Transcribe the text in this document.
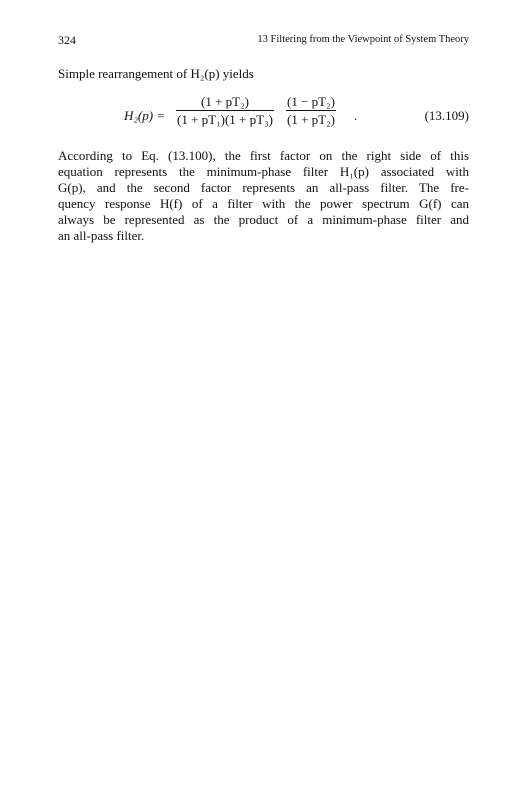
324	13 Filtering from the Viewpoint of System Theory
Simple rearrangement of H₂(p) yields
H₂(p) =
(1 + pT₂)
(1 + pT₁)(1 + pT₃)
(1 − pT₂)
(1 + pT₂) .	(13.109)
According to Eq. (13.100), the first factor on the right side of this
equation represents the minimum-phase filter H₁(p) associated with
G(p), and the second factor represents an all-pass filter. The fre-
quency response H(f) of a filter with the power spectrum G(f) can
always be represented as the product of a minimum-phase filter and
an all-pass filter.
